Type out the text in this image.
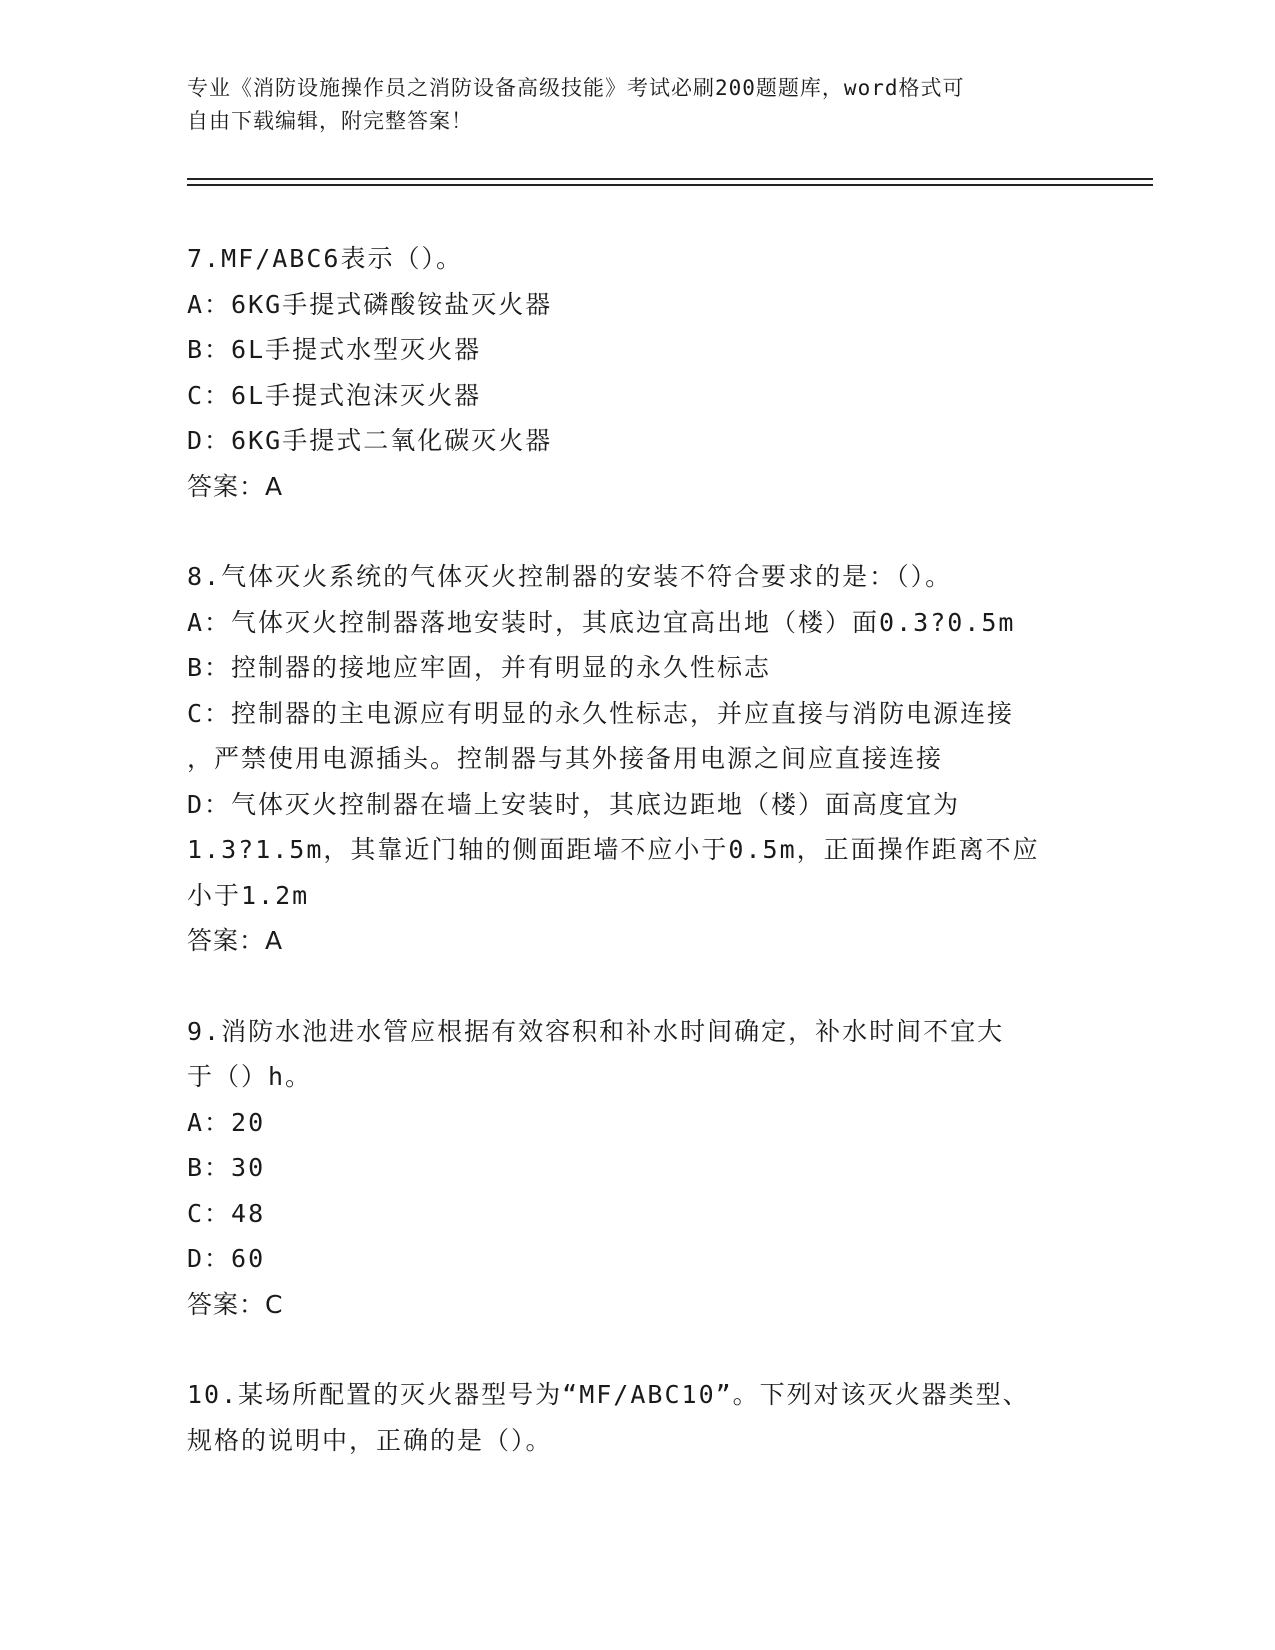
专业《消防设施操作员之消防设备高级技能》考试必刷200题题库，word格式可
自由下载编辑，附完整答案！
7.MF/ABC6表示（）。
A：6KG手提式磷酸铵盐灭火器
B：6L手提式水型灭火器
C：6L手提式泡沫灭火器
D：6KG手提式二氧化碳灭火器
答案：A
8.气体灭火系统的气体灭火控制器的安装不符合要求的是：（）。
A：气体灭火控制器落地安装时，其底边宜高出地（楼）面0.3?0.5m
B：控制器的接地应牢固，并有明显的永久性标志
C：控制器的主电源应有明显的永久性标志，并应直接与消防电源连接
，严禁使用电源插头。控制器与其外接备用电源之间应直接连接
D：气体灭火控制器在墙上安装时，其底边距地（楼）面高度宜为
1.3?1.5m，其靠近门轴的侧面距墙不应小于0.5m，正面操作距离不应
小于1.2m
答案：A
9.消防水池进水管应根据有效容积和补水时间确定，补水时间不宜大
于（）h。
A：20
B：30
C：48
D：60
答案：C
10.某场所配置的灭火器型号为“MF/ABC10”。下列对该灭火器类型、
规格的说明中，正确的是（）。
